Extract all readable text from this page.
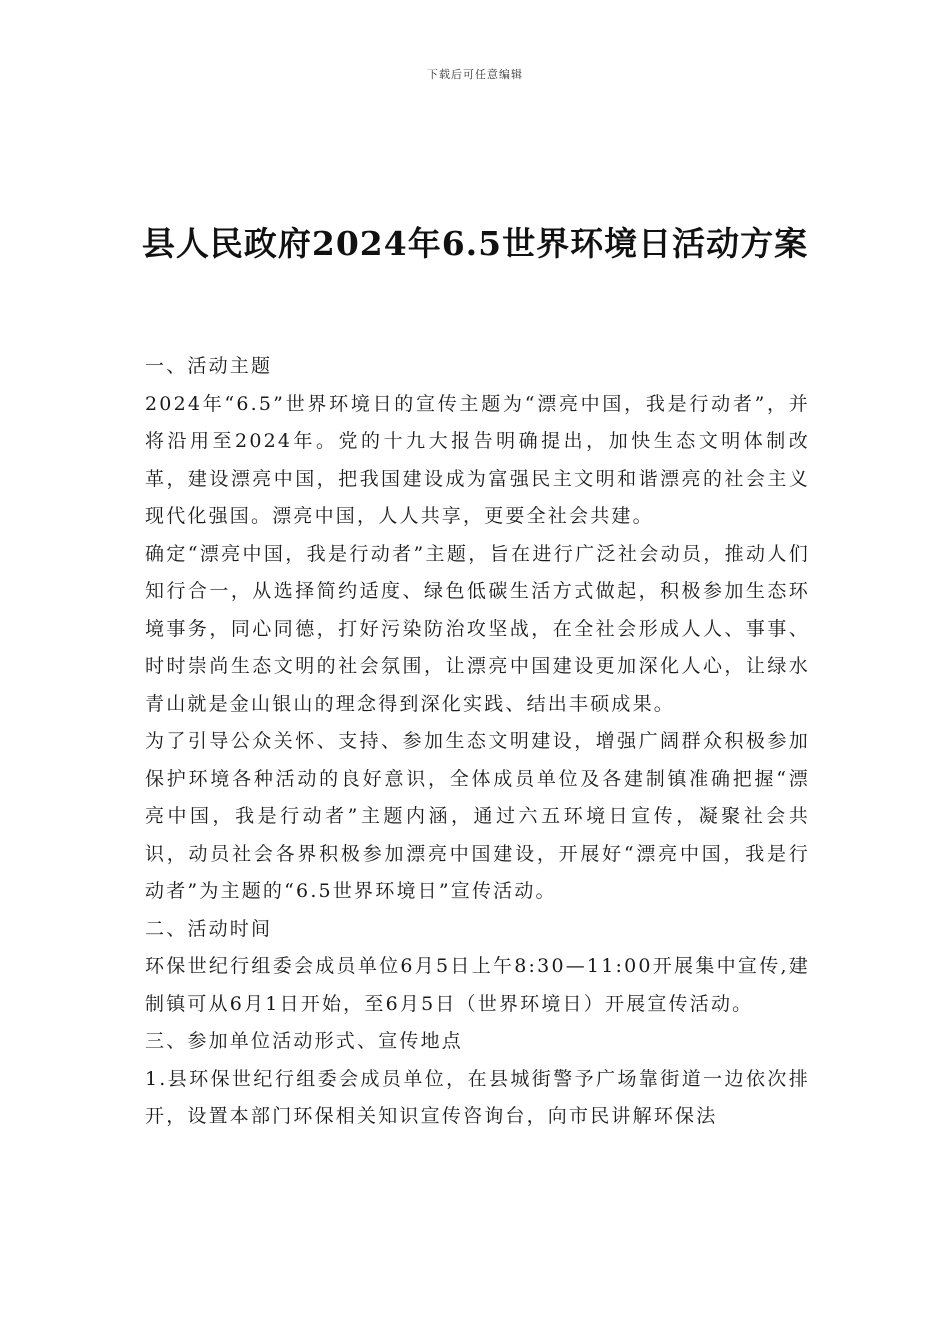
下载后可任意编辑
县人民政府2024年6.5世界环境日活动方案

一、活动主题

2024年“6.5”世界环境日的宣传主题为“漂亮中国，我是行动者”，并将沿用至2024年。党的十九大报告明确提出，加快生态文明体制改革，建设漂亮中国，把我国建设成为富强民主文明和谐漂亮的社会主义现代化强国。漂亮中国，人人共享，更要全社会共建。

确定“漂亮中国，我是行动者”主题，旨在进行广泛社会动员，推动人们知行合一，从选择简约适度、绿色低碳生活方式做起，积极参加生态环境事务，同心同德，打好污染防治攻坚战，在全社会形成人人、事事、时时崇尚生态文明的社会氛围，让漂亮中国建设更加深化人心，让绿水青山就是金山银山的理念得到深化实践、结出丰硕成果。

为了引导公众关怀、支持、参加生态文明建设，增强广阔群众积极参加保护环境各种活动的良好意识，全体成员单位及各建制镇准确把握“漂亮中国，我是行动者”主题内涵，通过六五环境日宣传，凝聚社会共识，动员社会各界积极参加漂亮中国建设，开展好“漂亮中国，我是行动者”为主题的“6.5世界环境日”宣传活动。

二、活动时间

环保世纪行组委会成员单位6月5日上午8:30—11:00开展集中宣传,建制镇可从6月1日开始，至6月5日（世界环境日）开展宣传活动。

三、参加单位活动形式、宣传地点

1.县环保世纪行组委会成员单位，在县城街警予广场靠街道一边依次排开，设置本部门环保相关知识宣传咨询台，向市民讲解环保法
